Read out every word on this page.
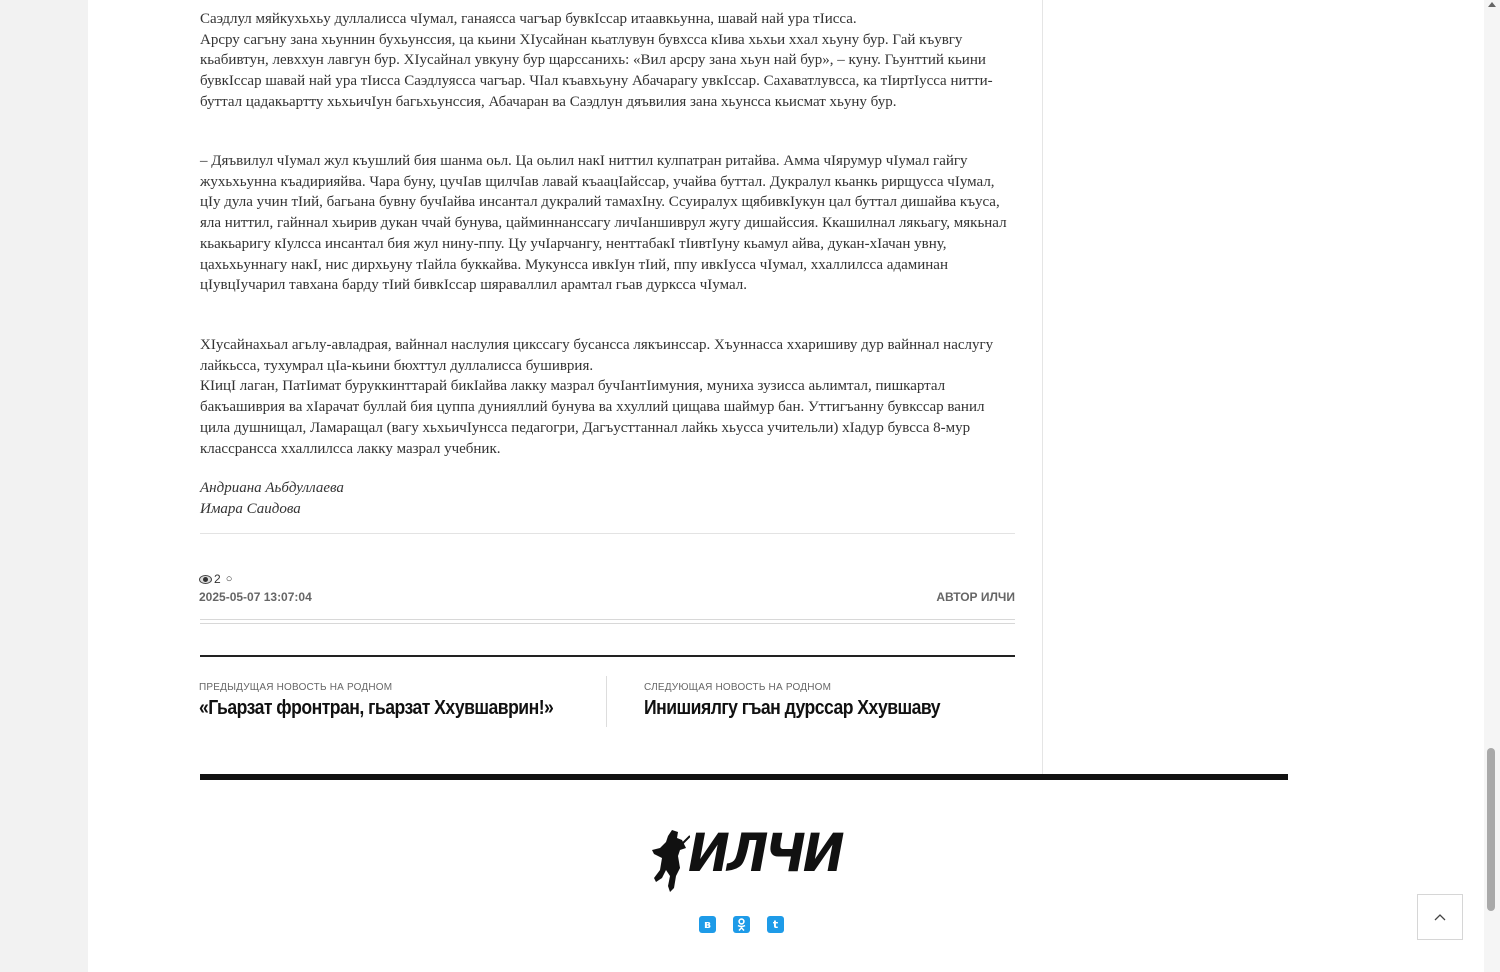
Саэдлул мяйкухьхьу дуллалисса чIумал, ганаясса чагъар бувкIссар итаавкьунна, шавай най ура тIисса.
Арсру сагъну зана хьуннин бухьунссия, ца кьини ХIусайнан кьатлувун бувхсса кIива хьхьи ххал хьуну бур. Гай къувгу кьабивтун, левххун лавгун бур. ХIусайнал увкуну бур щарссанихь: «Вил арсру зана хьун най бур», – куну. Гьунттий кьини бувкIссар шавай най ура тIисса Саэдлуясса чагъар. ЧIал къавхьуну Абачарагу увкIссар. Сахаватлувсса, ка тIиртIусса нитти-буттал цадакьартту хьхьичIун багьхьунссия, Абачаран ва Саэдлун дяъвилия зана хьунсса кьисмат хьуну бур.

– Дяъвилул чIумал жул къушлий бия шанма оьл. Ца оьлил накI ниттил кулпатран ритайва. Амма чIярумур чIумал гайгу жухьхьунна къадирияйва. Чара буну, цучIав щилчIав лавай къаацIайссар, учайва буттал. Дукралул кьанкь рирщусса чIумал, цIу дула учин тIий, багьана бувну бучIайва инсантал дукралий тамахIну. Ссуиралух щябивкIукун цал буттал дишайва къуса, яла ниттил, гайннал хьирив дукан ччай бунува, цайминнанссагу личIаншиврул жугу дишайссия. Ккашилнал лякьагу, мякьнал кьакьаригу кIулсса инсантал бия жул нину-ппу. Цу учIарчангу, ненттабакI тIивтIуну кьамул айва, дукан-хIачан увну, цахьхьуннагу накI, нис дирхьуну тIайла буккайва. Мукунсса ивкIун тIий, ппу ивкIусса чIумал, ххаллилсса адаминан цIувцIучарил тавхана барду тIий бивкIссар шяраваллил арамтал гьав дурксса чIумал.

ХIусайнахьал агьлу-авладрая, вайннал наслулия цикссагу бусансса лякъинссар. Хъуннасса ххаришиву дур вайннал наслугу лайкьсса, тухумрал цIа-кьини бюхттул дуллалисса бушиврия.
КIицI лаган, ПатIимат буруккинттарай бикIайва лакку мазрал бучIантIимуния, муниха зузисса аьлимтал, пишкартал бакъашиврия ва хIарачат буллай бия цуппа дунияллий бунува ва ххуллий цищава шаймур бан. Уттигъанну бувксcар ванил цила душнищал, Ламаращал (вагу хьхьичIунсса педагогри, Дагъусттаннал лайкь хьусса учительли) хIадур бувсса 8-мур классрансса ххаллилсса лакку мазрал учебник.

Андриана Аьбдуллаева
Имара Саидова
2 ○
2025-05-07 13:07:04	АВТОР ИЛЧИ
ПРЕДЫДУЩАЯ НОВОСТЬ НА РОДНОМ
«Гьарзат фронтран, гьарзат Ххувшаврин!»
СЛЕДУЮЩАЯ НОВОСТЬ НА РОДНОМ
Инишиялгу гъан дурссар Ххувшаву
ИЛЧИ
в	t
